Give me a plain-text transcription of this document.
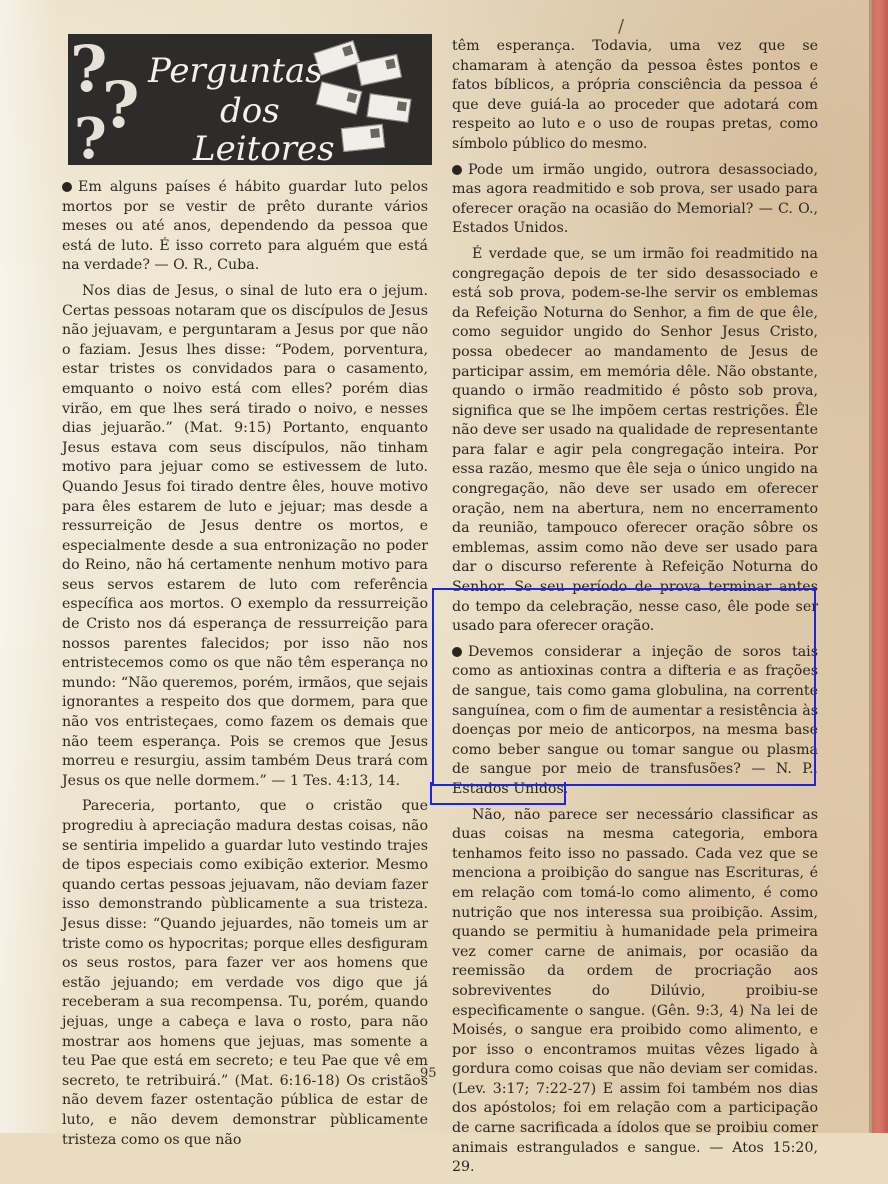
/
?
?
?
Perguntas
dos
Leitores

Em alguns países é hábito guardar luto pelos mortos por se vestir de prêto durante vários meses ou até anos, dependendo da pessoa que está de luto. É isso correto para alguém que está na verdade? — O. R., Cuba.

Nos dias de Jesus, o sinal de luto era o jejum. Certas pessoas notaram que os discípulos de Jesus não jejuavam, e perguntaram a Jesus por que não o faziam. Jesus lhes disse: “Podem, porventura, estar tristes os convidados para o casamento, emquanto o noivo está com elles? porém dias virão, em que lhes será tirado o noivo, e nesses dias jejuarão.” (Mat. 9:15) Portanto, enquanto Jesus estava com seus discípulos, não tinham motivo para jejuar como se estivessem de luto. Quando Jesus foi tirado dentre êles, houve motivo para êles estarem de luto e jejuar; mas desde a ressurreição de Jesus dentre os mortos, e especialmente desde a sua entronização no poder do Reino, não há certamente nenhum motivo para seus servos estarem de luto com referência específica aos mortos. O exemplo da ressurreição de Cristo nos dá esperança de ressurreição para nossos parentes falecidos; por isso não nos entristecemos como os que não têm esperança no mundo: “Não queremos, porém, irmãos, que sejais ignorantes a respeito dos que dormem, para que não vos entristeçaes, como fazem os demais que não teem esperança. Pois se cremos que Jesus morreu e resurgiu, assim também Deus trará com Jesus os que nelle dormem.” — 1 Tes. 4:13, 14.

Pareceria, portanto, que o cristão que progrediu à apreciação madura destas coisas, não se sentiria impelido a guardar luto vestindo trajes de tipos especiais como exibição exterior. Mesmo quando certas pessoas jejuavam, não deviam fazer isso demonstrando pùblicamente a sua tristeza. Jesus disse: “Quando jejuardes, não tomeis um ar triste como os hypocritas; porque elles desfiguram os seus rostos, para fazer ver aos homens que estão jejuando; em verdade vos digo que já receberam a sua recompensa. Tu, porém, quando jejuas, unge a cabeça e lava o rosto, para não mostrar aos homens que jejuas, mas somente a teu Pae que está em secreto; e teu Pae que vê em secreto, te retribuirá.” (Mat. 6:16-18) Os cristãos não devem fazer ostentação pública de estar de luto, e não devem demonstrar pùblicamente tristeza como os que não

têm esperança. Todavia, uma vez que se chamaram à atenção da pessoa êstes pontos e fatos bíblicos, a própria consciência da pessoa é que deve guiá-la ao proceder que adotará com respeito ao luto e o uso de roupas pretas, como símbolo público do mesmo.

Pode um irmão ungido, outrora desassociado, mas agora readmitido e sob prova, ser usado para oferecer oração na ocasião do Memorial? — C. O., Estados Unidos.

É verdade que, se um irmão foi readmitido na congregação depois de ter sido desassociado e está sob prova, podem-se-lhe servir os emblemas da Refeição Noturna do Senhor, a fim de que êle, como seguidor ungido do Senhor Jesus Cristo, possa obedecer ao mandamento de Jesus de participar assim, em memória dêle. Não obstante, quando o irmão readmitido é pôsto sob prova, significa que se lhe impõem certas restrições. Êle não deve ser usado na qualidade de representante para falar e agir pela congregação inteira. Por essa razão, mesmo que êle seja o único ungido na congregação, não deve ser usado em oferecer oração, nem na abertura, nem no encerramento da reunião, tampouco oferecer oração sôbre os emblemas, assim como não deve ser usado para dar o discurso referente à Refeição Noturna do Senhor. Se seu período de prova terminar antes do tempo da celebração, nesse caso, êle pode ser usado para oferecer oração.

Devemos considerar a injeção de soros tais como as antioxinas contra a difteria e as frações de sangue, tais como gama globulina, na corrente sanguínea, com o fim de aumentar a resistência às doenças por meio de anticorpos, na mesma base como beber sangue ou tomar sangue ou plasma de sangue por meio de transfusões? — N. P., Estados Unidos.

Não, não parece ser necessário classificar as duas coisas na mesma categoria, embora tenhamos feito isso no passado. Cada vez que se menciona a proibição do sangue nas Escrituras, é em relação com tomá-lo como alimento, é como nutrição que nos interessa sua proibição. Assim, quando se permitiu à humanidade pela primeira vez comer carne de animais, por ocasião da reemissão da ordem de procriação aos sobreviventes do Dilúvio, proibiu-se especìficamente o sangue. (Gên. 9:3, 4) Na lei de Moisés, o sangue era proibido como alimento, e por isso o encontramos muitas vêzes ligado à gordura como coisas que não deviam ser comidas. (Lev. 3:17; 7:22-27) E assim foi também nos dias dos apóstolos; foi em relação com a participação de carne sacrificada a ídolos que se proibiu comer animais estrangulados e sangue. — Atos 15:20, 29.

95
